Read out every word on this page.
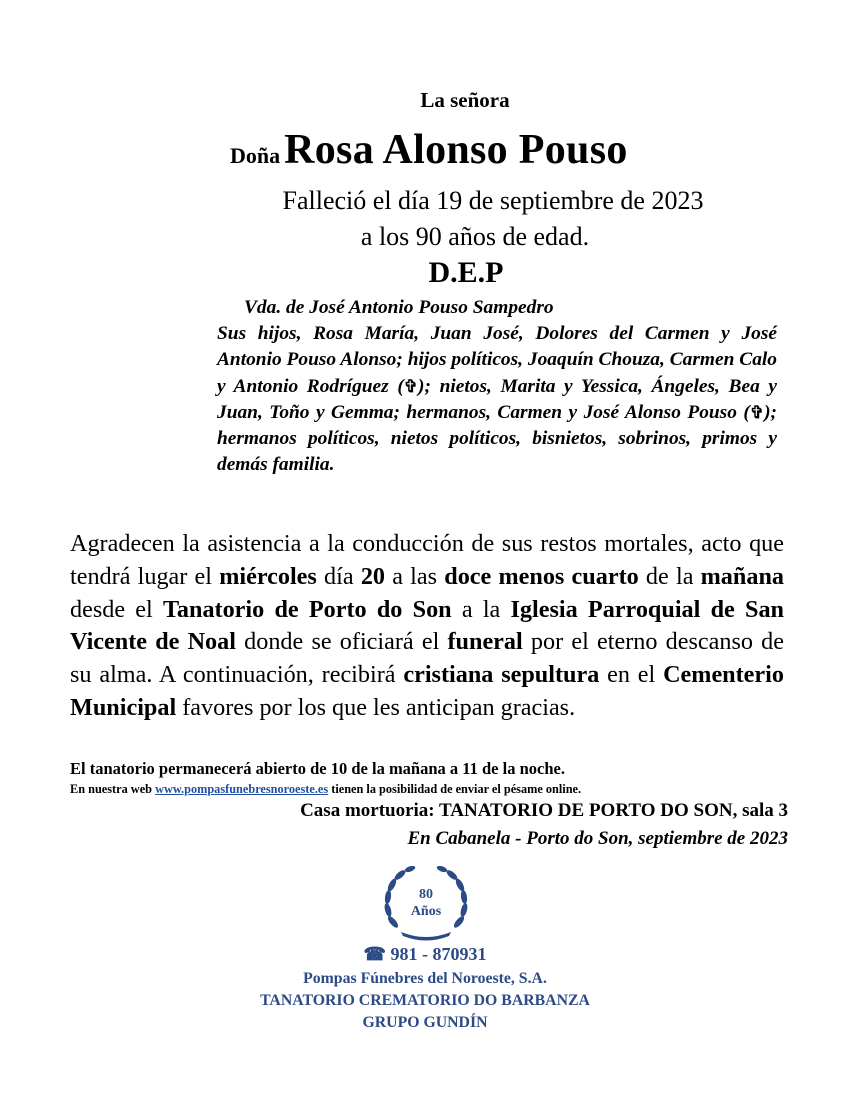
La señora
Doña Rosa Alonso Pouso
Falleció el día 19 de septiembre de 2023
a los 90 años de edad.
D.E.P
Vda. de José Antonio Pouso Sampedro
Sus hijos, Rosa María, Juan José, Dolores del Carmen y José Antonio Pouso Alonso; hijos políticos, Joaquín Chouza, Carmen Calo y Antonio Rodríguez (✞); nietos, Marita y Yessica, Ángeles, Bea y Juan, Toño y Gemma; hermanos, Carmen y José Alonso Pouso (✞); hermanos políticos, nietos políticos, bisnietos, sobrinos, primos y demás familia.
Agradecen la asistencia a la conducción de sus restos mortales, acto que tendrá lugar el miércoles día 20 a las doce menos cuarto de la mañana desde el Tanatorio de Porto do Son a la Iglesia Parroquial de San Vicente de Noal donde se oficiará el funeral por el eterno descanso de su alma. A continuación, recibirá cristiana sepultura en el Cementerio Municipal favores por los que les anticipan gracias.
El tanatorio permanecerá abierto de 10 de la mañana a 11 de la noche.
En nuestra web www.pompasfunebresnoroeste.es tienen la posibilidad de enviar el pésame online.
Casa mortuoria: TANATORIO DE PORTO DO SON, sala 3
En Cabanela - Porto do Son, septiembre de 2023
80
Años
☎ 981 - 870931
Pompas Fúnebres del Noroeste, S.A.
TANATORIO CREMATORIO DO BARBANZA
GRUPO GUNDÍN
